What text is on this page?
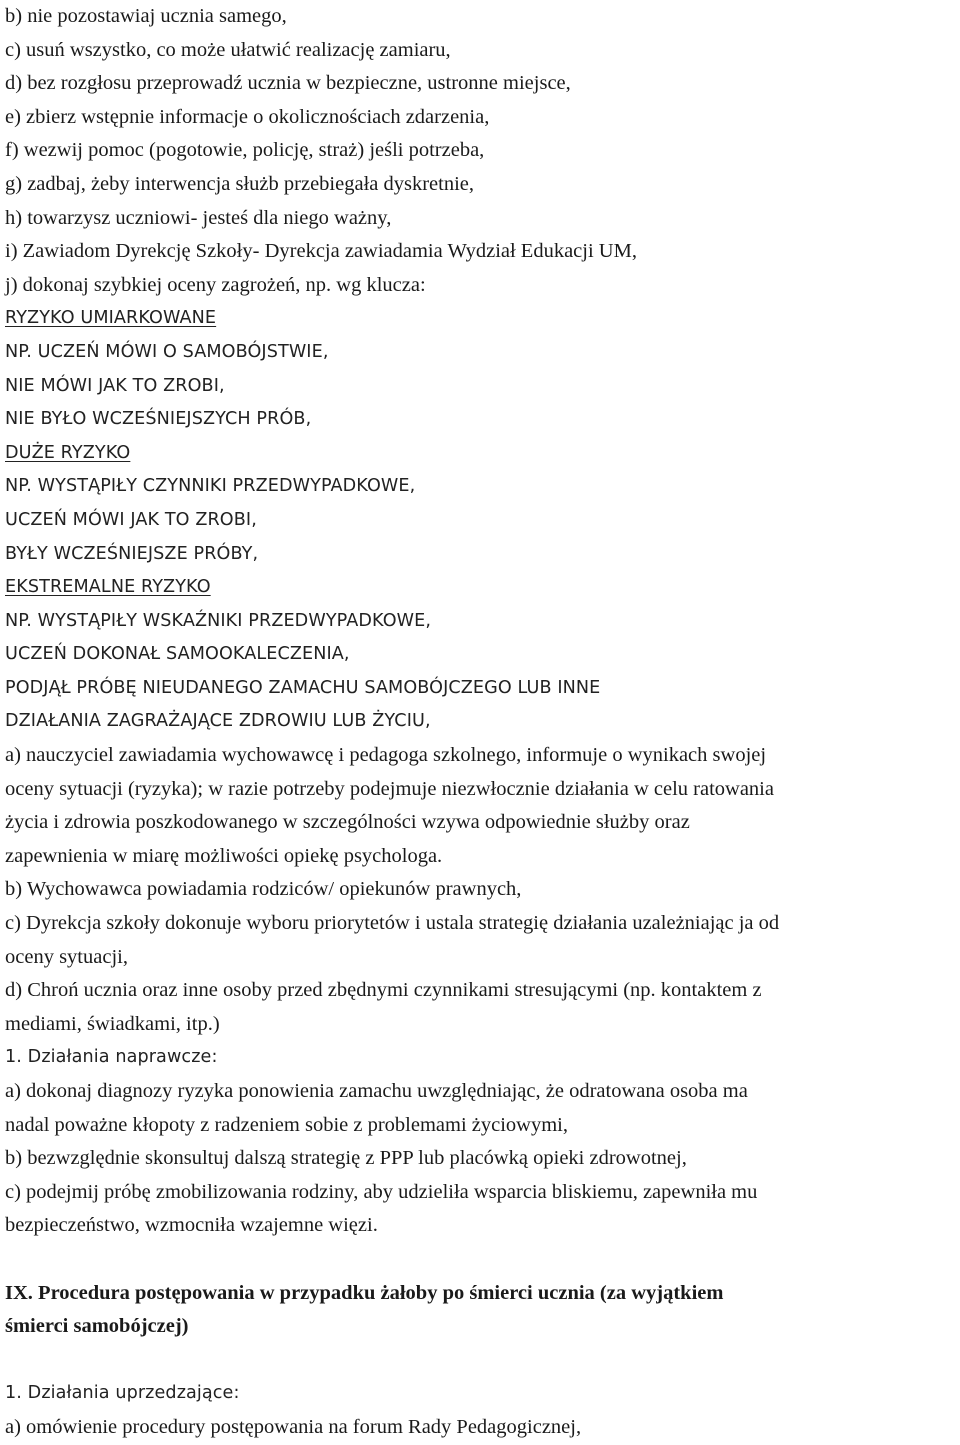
b) nie pozostawiaj ucznia samego,
c) usuń wszystko, co może ułatwić realizację zamiaru,
d) bez rozgłosu przeprowadź ucznia w bezpieczne, ustronne miejsce,
e) zbierz wstępnie informacje o okolicznościach zdarzenia,
f) wezwij pomoc (pogotowie, policję, straż) jeśli potrzeba,
g) zadbaj, żeby interwencja służb przebiegała dyskretnie,
h) towarzysz uczniowi- jesteś dla niego ważny,
i) Zawiadom Dyrekcję Szkoły- Dyrekcja zawiadamia Wydział Edukacji UM,
j) dokonaj szybkiej oceny zagrożeń, np. wg klucza:
RYZYKO UMIARKOWANE
NP. UCZEŃ MÓWI O SAMOBÓJSTWIE,
NIE MÓWI JAK TO ZROBI,
NIE BYŁO WCZEŚNIEJSZYCH PRÓB,
DUŻE RYZYKO
NP. WYSTĄPIŁY CZYNNIKI PRZEDWYPADKOWE,
UCZEŃ MÓWI JAK TO ZROBI,
BYŁY WCZEŚNIEJSZE PRÓBY,
EKSTREMALNE RYZYKO
NP. WYSTĄPIŁY WSKAŹNIKI PRZEDWYPADKOWE,
UCZEŃ DOKONAŁ SAMOOKALECZENIA,
PODJĄŁ PRÓBĘ NIEUDANEGO ZAMACHU SAMOBÓJCZEGO LUB INNE
DZIAŁANIA ZAGRAŻAJĄCE ZDROWIU LUB ŻYCIU,
a) nauczyciel zawiadamia wychowawcę i pedagoga szkolnego, informuje o wynikach swojej
oceny sytuacji (ryzyka); w razie potrzeby podejmuje niezwłocznie działania w celu ratowania
życia i zdrowia poszkodowanego w szczególności wzywa odpowiednie służby oraz
zapewnienia w miarę możliwości opiekę psychologa.
b) Wychowawca powiadamia rodziców/ opiekunów prawnych,
c) Dyrekcja szkoły dokonuje wyboru priorytetów i ustala strategię działania uzależniając ja od
oceny sytuacji,
d) Chroń ucznia oraz inne osoby przed zbędnymi czynnikami stresującymi (np. kontaktem z
mediami, świadkami, itp.)
1. Działania naprawcze:
a) dokonaj diagnozy ryzyka ponowienia zamachu uwzględniając, że odratowana osoba ma
nadal poważne kłopoty z radzeniem sobie z problemami życiowymi,
b) bezwzględnie skonsultuj dalszą strategię z PPP lub placówką opieki zdrowotnej,
c) podejmij próbę zmobilizowania rodziny, aby udzieliła wsparcia bliskiemu, zapewniła mu
bezpieczeństwo, wzmocniła wzajemne więzi.
IX. Procedura postępowania w przypadku żałoby po śmierci ucznia (za wyjątkiem
śmierci samobójczej)
1. Działania uprzedzające:
a) omówienie procedury postępowania na forum Rady Pedagogicznej,
